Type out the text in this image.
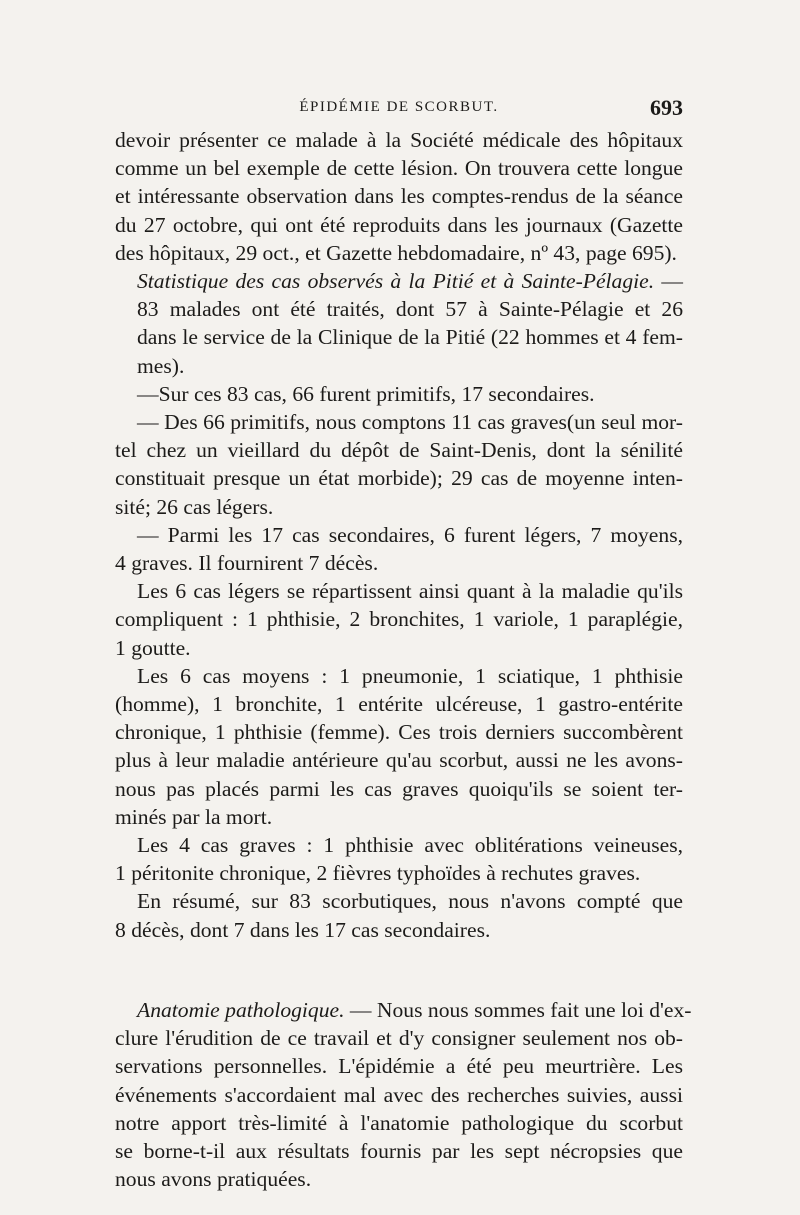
ÉPIDÉMIE DE SCORBUT.	693

devoir présenter ce malade à la Société médicale des hôpitaux
comme un bel exemple de cette lésion. On trouvera cette longue
et intéressante observation dans les comptes-rendus de la séance
du 27 octobre, qui ont été reproduits dans les journaux (Gazette
des hôpitaux, 29 oct., et Gazette hebdomadaire, nº 43, page 695).

Statistique des cas observés à la Pitié et à Sainte-Pélagie. —
83 malades ont été traités, dont 57 à Sainte-Pélagie et 26
dans le service de la Clinique de la Pitié (22 hommes et 4 fem-
mes).

—Sur ces 83 cas, 66 furent primitifs, 17 secondaires.

— Des 66 primitifs, nous comptons 11 cas graves(un seul mor-
tel chez un vieillard du dépôt de Saint-Denis, dont la sénilité
constituait presque un état morbide); 29 cas de moyenne inten-
sité; 26 cas légers.

— Parmi les 17 cas secondaires, 6 furent légers, 7 moyens,
4 graves. Il fournirent 7 décès.

Les 6 cas légers se répartissent ainsi quant à la maladie qu'ils
compliquent : 1 phthisie, 2 bronchites, 1 variole, 1 paraplégie,
1 goutte.

Les 6 cas moyens : 1 pneumonie, 1 sciatique, 1 phthisie
(homme), 1 bronchite, 1 entérite ulcéreuse, 1 gastro-entérite
chronique, 1 phthisie (femme). Ces trois derniers succombèrent
plus à leur maladie antérieure qu'au scorbut, aussi ne les avons-
nous pas placés parmi les cas graves quoiqu'ils se soient ter-
minés par la mort.

Les 4 cas graves : 1 phthisie avec oblitérations veineuses,
1 péritonite chronique, 2 fièvres typhoïdes à rechutes graves.

En résumé, sur 83 scorbutiques, nous n'avons compté que
8 décès, dont 7 dans les 17 cas secondaires.

Anatomie pathologique. — Nous nous sommes fait une loi d'ex-
clure l'érudition de ce travail et d'y consigner seulement nos ob-
servations personnelles. L'épidémie a été peu meurtrière. Les
événements s'accordaient mal avec des recherches suivies, aussi
notre apport très-limité à l'anatomie pathologique du scorbut
se borne-t-il aux résultats fournis par les sept nécropsies que
nous avons pratiquées.
